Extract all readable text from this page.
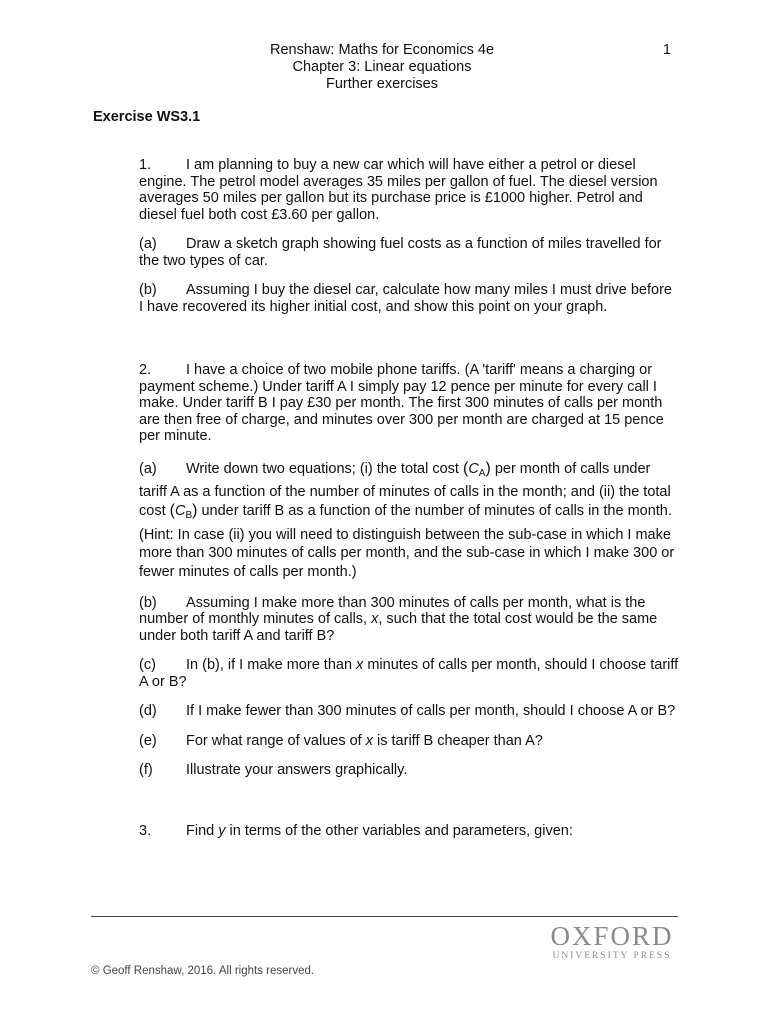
Renshaw: Maths for Economics 4e
Chapter 3: Linear equations
Further exercises
1
Exercise WS3.1

1. I am planning to buy a new car which will have either a petrol or diesel engine. The petrol model averages 35 miles per gallon of fuel. The diesel version averages 50 miles per gallon but its purchase price is £1000 higher. Petrol and diesel fuel both cost £3.60 per gallon.

(a) Draw a sketch graph showing fuel costs as a function of miles travelled for the two types of car.

(b) Assuming I buy the diesel car, calculate how many miles I must drive before I have recovered its higher initial cost, and show this point on your graph.

2. I have a choice of two mobile phone tariffs. (A 'tariff' means a charging or payment scheme.) Under tariff A I simply pay 12 pence per minute for every call I make. Under tariff B I pay £30 per month. The first 300 minutes of calls per month are then free of charge, and minutes over 300 per month are charged at 15 pence per minute.

(a) Write down two equations; (i) the total cost $(C_A)$ per month of calls under tariff A as a function of the number of minutes of calls in the month; and (ii) the total cost $(C_B)$ under tariff B as a function of the number of minutes of calls in the month. (Hint: In case (ii) you will need to distinguish between the sub-case in which I make more than 300 minutes of calls per month, and the sub-case in which I make 300 or fewer minutes of calls per month.)

(b) Assuming I make more than 300 minutes of calls per month, what is the number of monthly minutes of calls, x, such that the total cost would be the same under both tariff A and tariff B?

(c) In (b), if I make more than x minutes of calls per month, should I choose tariff A or B?

(d) If I make fewer than 300 minutes of calls per month, should I choose A or B?

(e) For what range of values of x is tariff B cheaper than A?

(f) Illustrate your answers graphically.

3. Find y in terms of the other variables and parameters, given:

OXFORD
UNIVERSITY PRESS
© Geoff Renshaw, 2016. All rights reserved.
